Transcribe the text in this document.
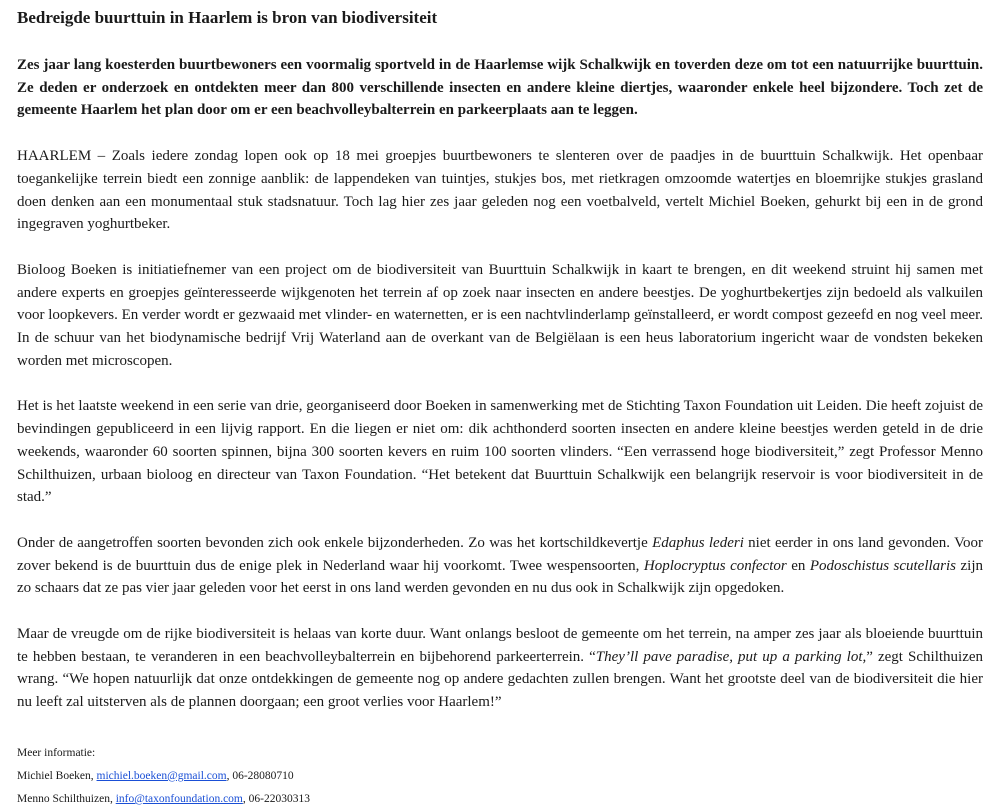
Bedreigde buurttuin in Haarlem is bron van biodiversiteit

Zes jaar lang koesterden buurtbewoners een voormalig sportveld in de Haarlemse wijk Schalkwijk en toverden deze om tot een natuurrijke buurttuin. Ze deden er onderzoek en ontdekten meer dan 800 verschillende insecten en andere kleine diertjes, waaronder enkele heel bijzondere. Toch zet de gemeente Haarlem het plan door om er een beachvolleybalterrein en parkeerplaats aan te leggen.

HAARLEM – Zoals iedere zondag lopen ook op 18 mei groepjes buurtbewoners te slenteren over de paadjes in de buurttuin Schalkwijk. Het openbaar toegankelijke terrein biedt een zonnige aanblik: de lappendeken van tuintjes, stukjes bos, met rietkragen omzoomde watertjes en bloemrijke stukjes grasland doen denken aan een monumentaal stuk stadsnatuur. Toch lag hier zes jaar geleden nog een voetbalveld, vertelt Michiel Boeken, gehurkt bij een in de grond ingegraven yoghurtbeker.

Bioloog Boeken is initiatiefnemer van een project om de biodiversiteit van Buurttuin Schalkwijk in kaart te brengen, en dit weekend struint hij samen met andere experts en groepjes geïnteresseerde wijkgenoten het terrein af op zoek naar insecten en andere beestjes. De yoghurtbekertjes zijn bedoeld als valkuilen voor loopkevers. En verder wordt er gezwaaid met vlinder- en waternetten, er is een nachtvlinderlamp geïnstalleerd, er wordt compost gezeefd en nog veel meer. In de schuur van het biodynamische bedrijf Vrij Waterland aan de overkant van de Belgiëlaan is een heus laboratorium ingericht waar de vondsten bekeken worden met microscopen.

Het is het laatste weekend in een serie van drie, georganiseerd door Boeken in samenwerking met de Stichting Taxon Foundation uit Leiden. Die heeft zojuist de bevindingen gepubliceerd in een lijvig rapport. En die liegen er niet om: dik achthonderd soorten insecten en andere kleine beestjes werden geteld in de drie weekends, waaronder 60 soorten spinnen, bijna 300 soorten kevers en ruim 100 soorten vlinders. “Een verrassend hoge biodiversiteit,” zegt Professor Menno Schilthuizen, urbaan bioloog en directeur van Taxon Foundation. “Het betekent dat Buurttuin Schalkwijk een belangrijk reservoir is voor biodiversiteit in de stad.”

Onder de aangetroffen soorten bevonden zich ook enkele bijzonderheden. Zo was het kortschildkevertje Edaphus lederi niet eerder in ons land gevonden. Voor zover bekend is de buurttuin dus de enige plek in Nederland waar hij voorkomt. Twee wespensoorten, Hoplocryptus confector en Podoschistus scutellaris zijn zo schaars dat ze pas vier jaar geleden voor het eerst in ons land werden gevonden en nu dus ook in Schalkwijk zijn opgedoken.

Maar de vreugde om de rijke biodiversiteit is helaas van korte duur. Want onlangs besloot de gemeente om het terrein, na amper zes jaar als bloeiende buurttuin te hebben bestaan, te veranderen in een beachvolleybalterrein en bijbehorend parkeerterrein. “They’ll pave paradise, put up a parking lot,” zegt Schilthuizen wrang. “We hopen natuurlijk dat onze ontdekkingen de gemeente nog op andere gedachten zullen brengen. Want het grootste deel van de biodiversiteit die hier nu leeft zal uitsterven als de plannen doorgaan; een groot verlies voor Haarlem!”

Meer informatie:

Michiel Boeken, michiel.boeken@gmail.com, 06-28080710

Menno Schilthuizen, info@taxonfoundation.com, 06-22030313
